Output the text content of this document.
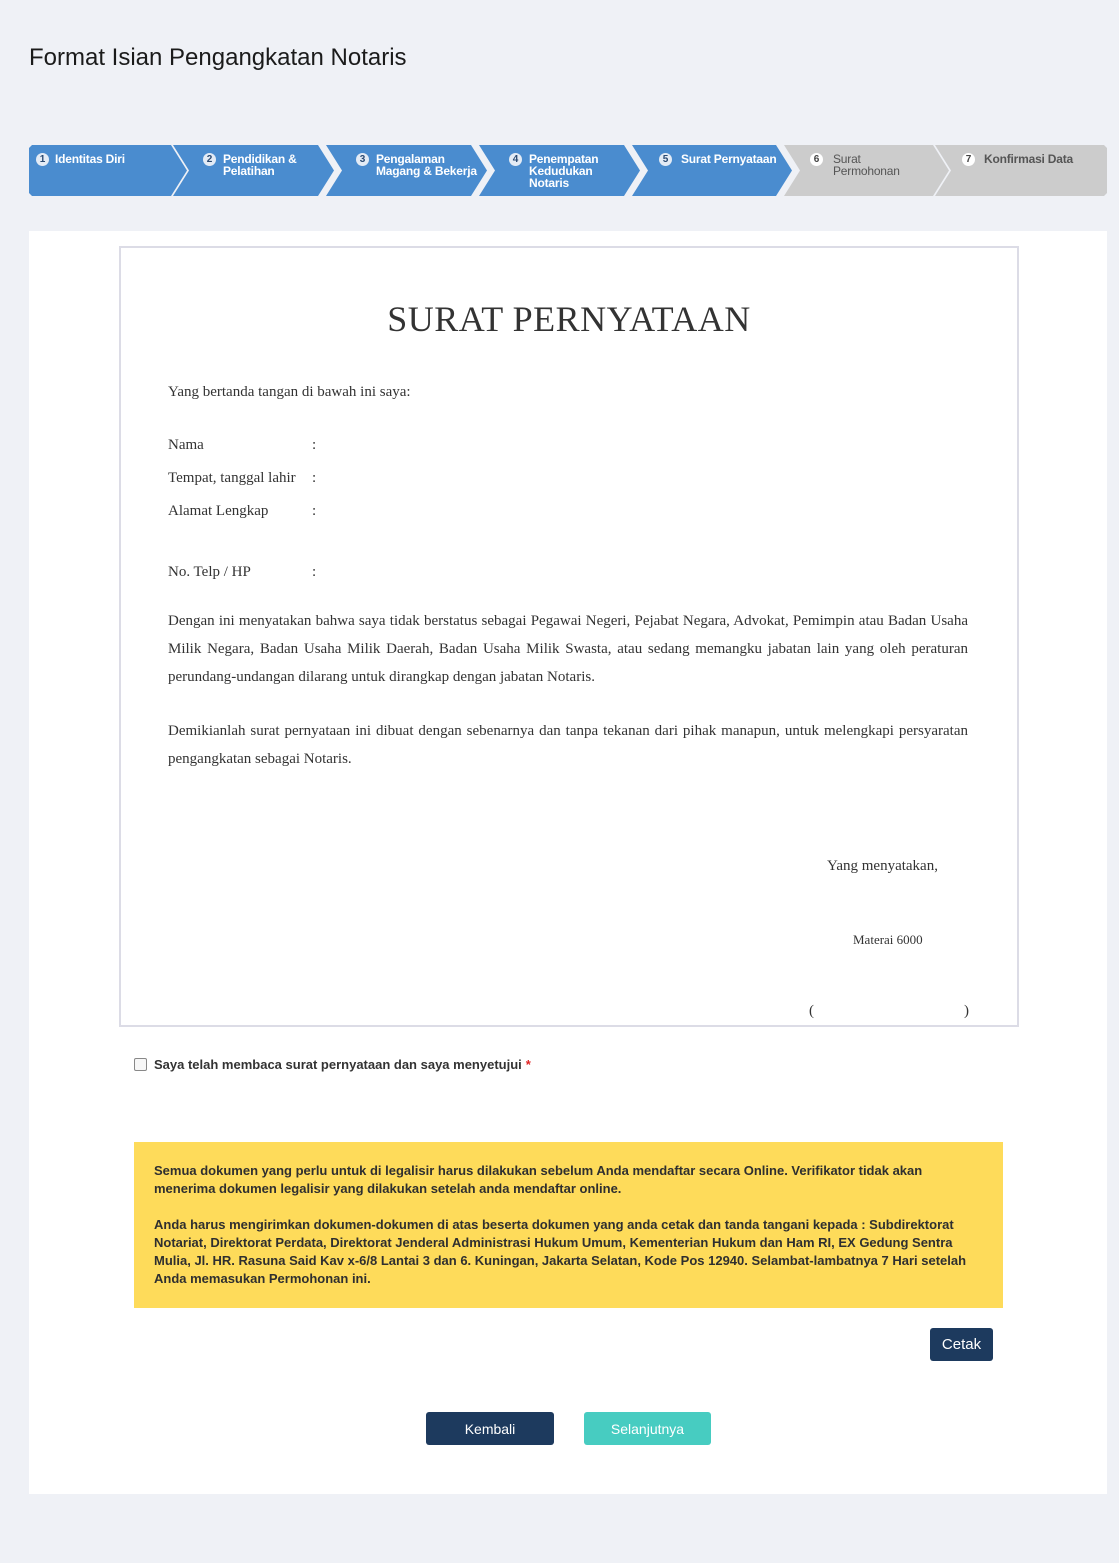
Format Isian Pengangkatan Notaris
1 Identitas Diri	2 Pendidikan & Pelatihan
3 Pengalaman Magang & Bekerja
4 Penempatan Kedudukan Notaris
5	Surat Pernyataan	6	Surat Permohonan
7	Konfirmasi Data
SURAT PERNYATAAN
Yang bertanda tangan di bawah ini saya:
Nama	:
Tempat, tanggal lahir :
Alamat Lengkap	:
No. Telp / HP	:

Dengan ini menyatakan bahwa saya tidak berstatus sebagai Pegawai Negeri, Pejabat Negara, Advokat, Pemimpin atau Badan Usaha Milik Negara, Badan Usaha Milik Daerah, Badan Usaha Milik Swasta, atau sedang memangku jabatan lain yang oleh peraturan perundang-undangan dilarang untuk dirangkap dengan jabatan Notaris.

Demikianlah surat pernyataan ini dibuat dengan sebenarnya dan tanpa tekanan dari pihak manapun, untuk melengkapi persyaratan pengangkatan sebagai Notaris.

Yang menyatakan,
Materai 6000
(	)
Saya telah membaca surat pernyataan dan saya menyetujui *

Semua dokumen yang perlu untuk di legalisir harus dilakukan sebelum Anda mendaftar secara Online. Verifikator tidak akan menerima dokumen legalisir yang dilakukan setelah anda mendaftar online.

Anda harus mengirimkan dokumen-dokumen di atas beserta dokumen yang anda cetak dan tanda tangani kepada : Subdirektorat Notariat, Direktorat Perdata, Direktorat Jenderal Administrasi Hukum Umum, Kementerian Hukum dan Ham RI, EX Gedung Sentra Mulia, Jl. HR. Rasuna Said Kav x-6/8 Lantai 3 dan 6. Kuningan, Jakarta Selatan, Kode Pos 12940. Selambat-lambatnya 7 Hari setelah Anda memasukan Permohonan ini.

Cetak
Kembali	Selanjutnya
